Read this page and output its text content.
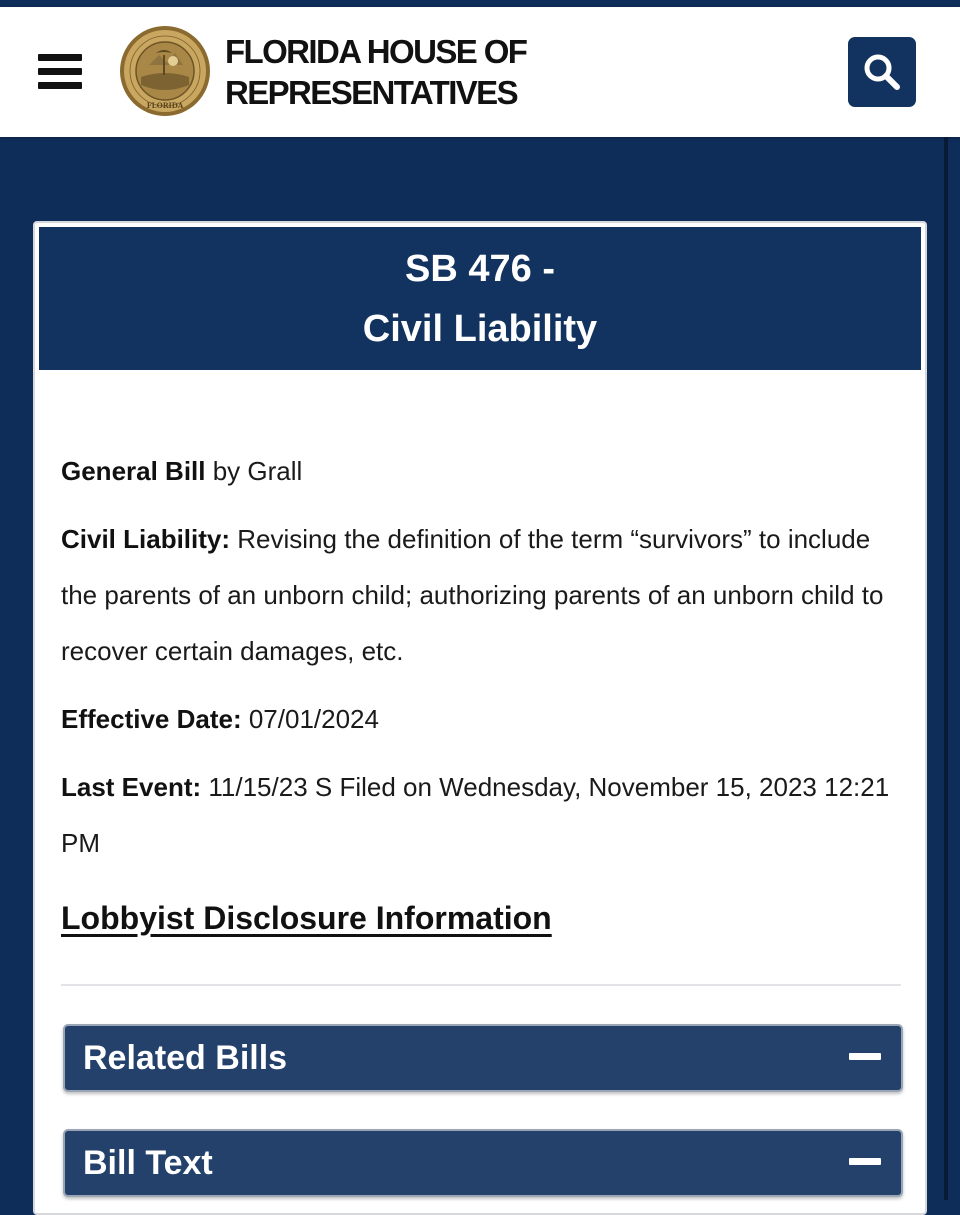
FLORIDA
FLORIDA HOUSE OF REPRESENTATIVES
SB 476 -
Civil Liability

General Bill by Grall

Civil Liability: Revising the definition of the term “survivors” to include the parents of an unborn child; authorizing parents of an unborn child to recover certain damages, etc.

Effective Date: 07/01/2024

Last Event: 11/15/23 S Filed on Wednesday, November 15, 2023 12:21 PM

Lobbyist Disclosure Information
Related Bills
Bill Text
